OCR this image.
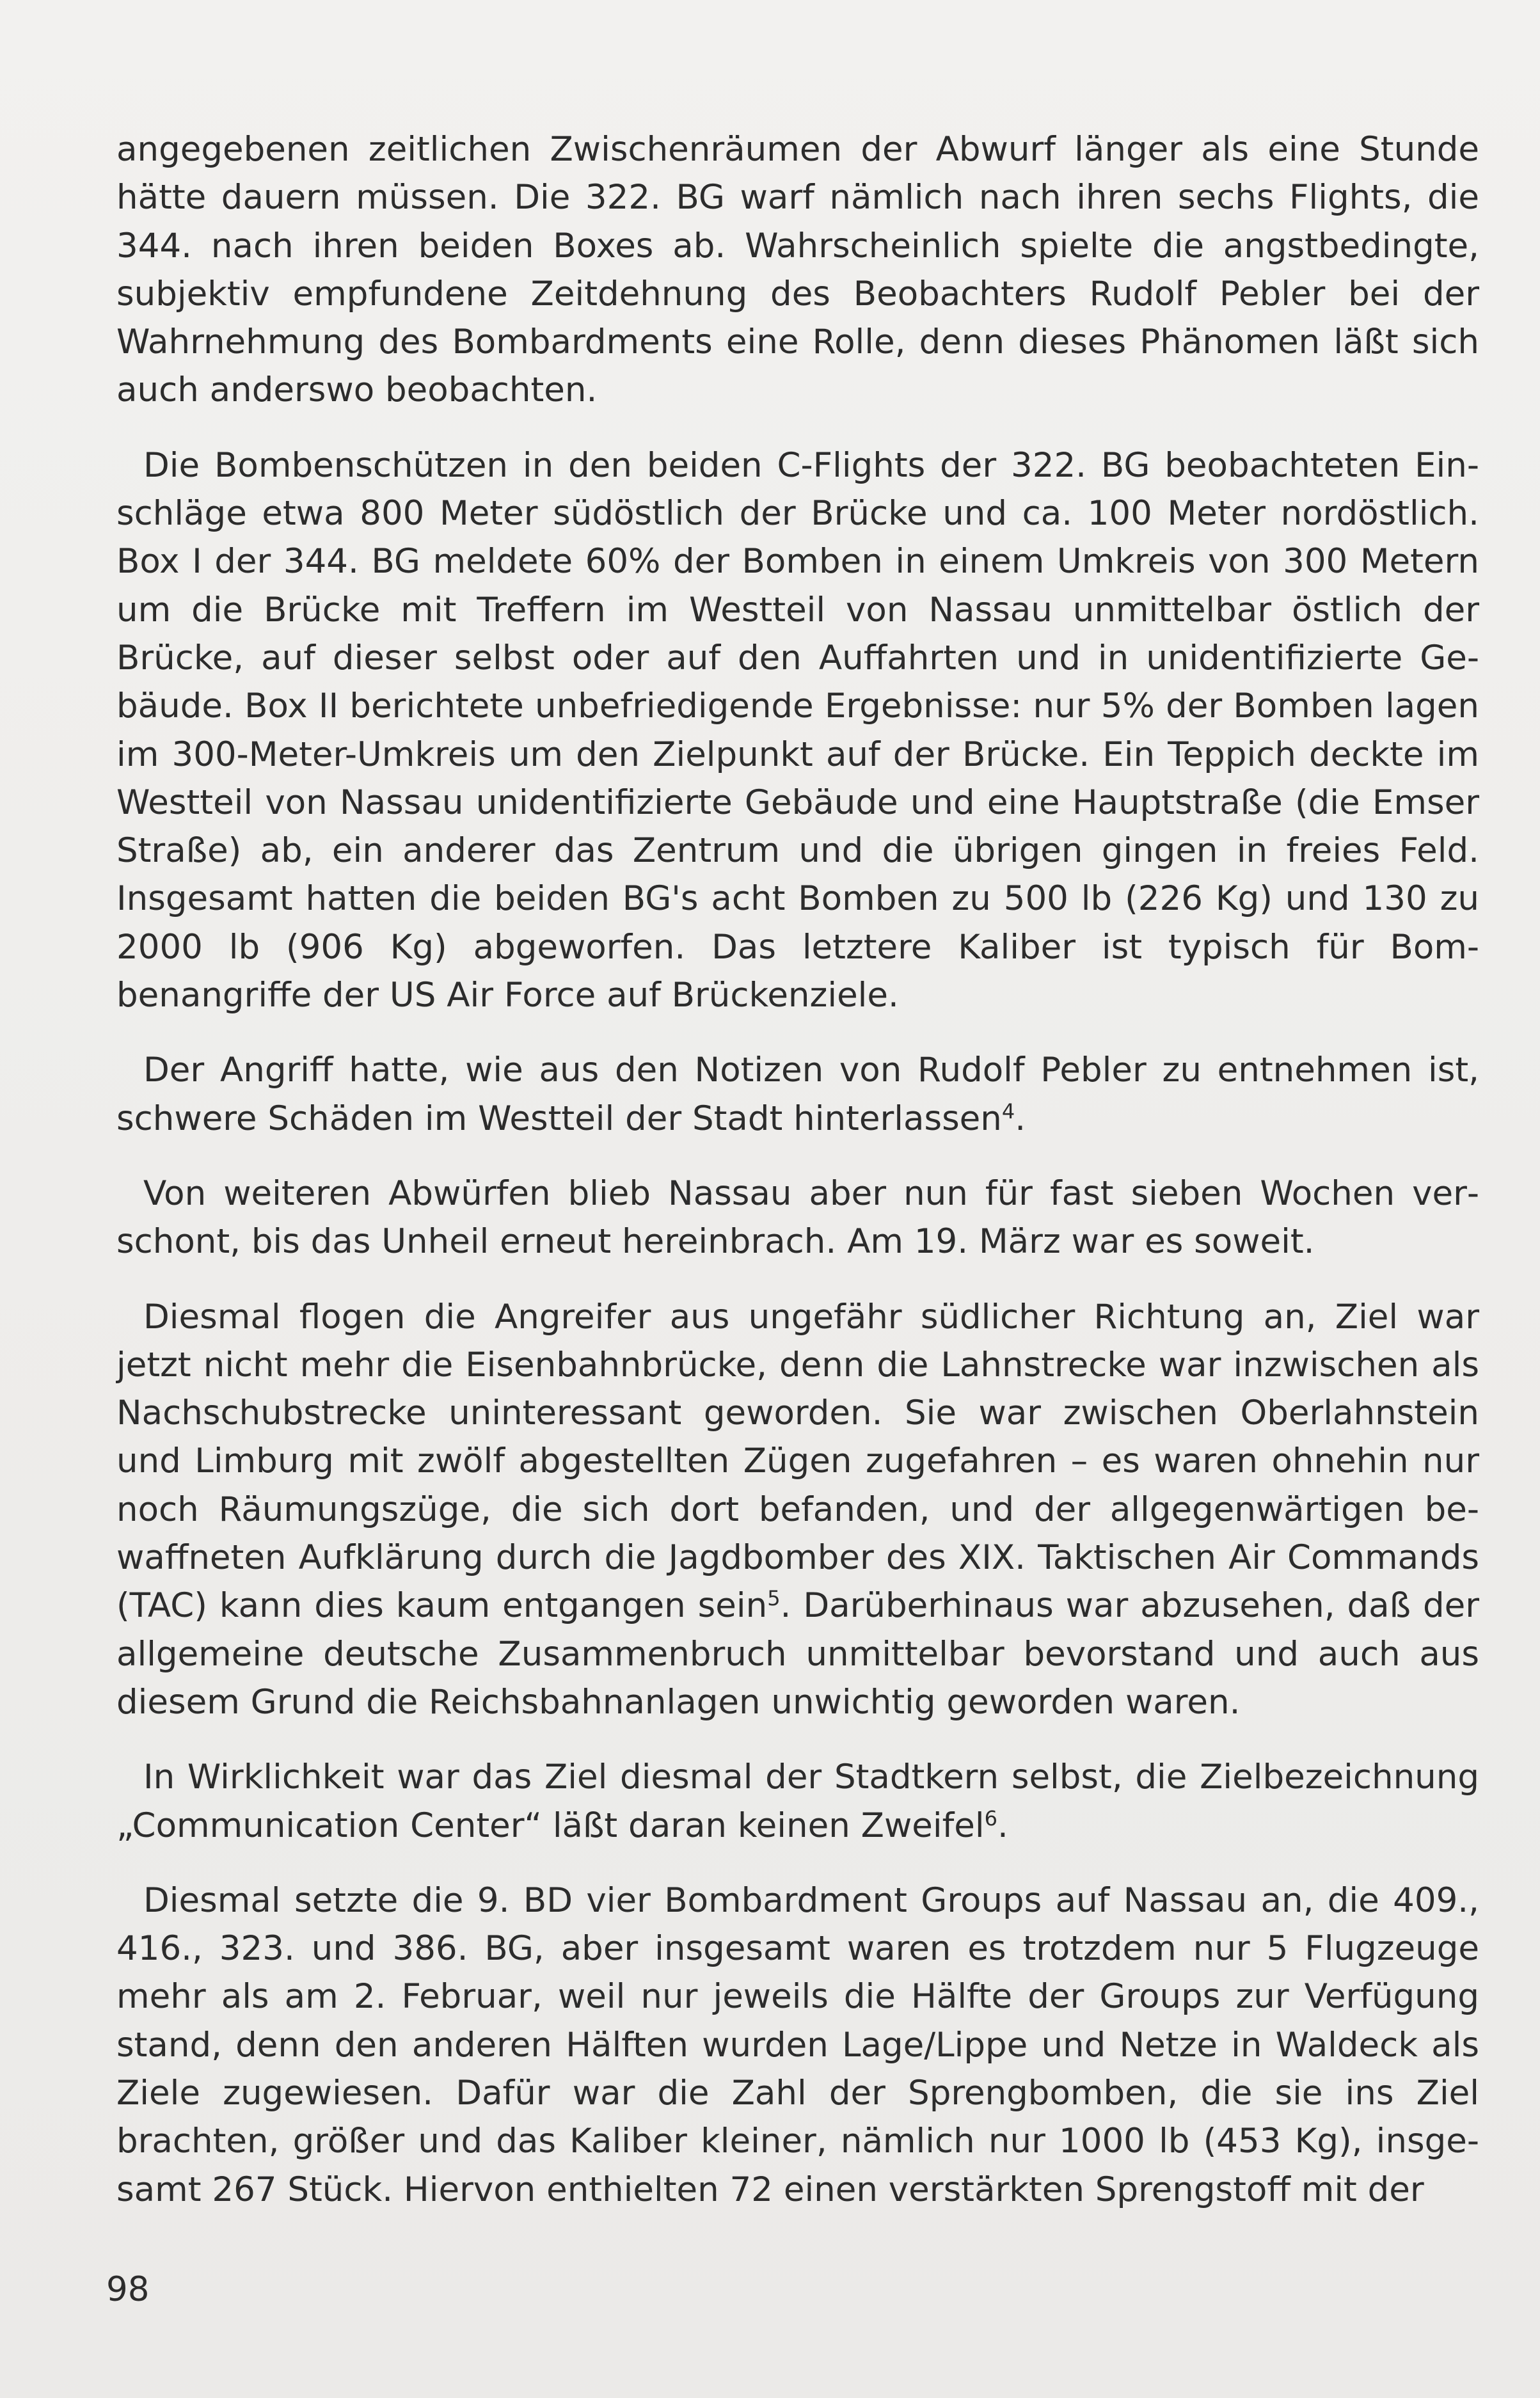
angegebenen zeitlichen Zwischenräumen der Abwurf länger als eine Stunde hätte dauern müssen. Die 322. BG warf nämlich nach ihren sechs Flights, die 344. nach ihren beiden Boxes ab. Wahrscheinlich spielte die angstbedingte, subjektiv empfundene Zeitdehnung des Beobachters Rudolf Pebler bei der Wahrnehmung des Bombardments eine Rolle, denn dieses Phänomen läßt sich auch anderswo beobachten.

Die Bombenschützen in den beiden C-Flights der 322. BG beobachteten Einschläge etwa 800 Meter südöstlich der Brücke und ca. 100 Meter nordöstlich. Box I der 344. BG meldete 60% der Bomben in einem Umkreis von 300 Metern um die Brücke mit Treffern im Westteil von Nassau unmittelbar östlich der Brücke, auf dieser selbst oder auf den Auffahrten und in unidentifizierte Gebäude. Box II berichtete unbefriedigende Ergebnisse: nur 5% der Bomben lagen im 300-Meter-Umkreis um den Zielpunkt auf der Brücke. Ein Teppich deckte im Westteil von Nassau unidentifizierte Gebäude und eine Hauptstraße (die Emser Straße) ab, ein anderer das Zentrum und die übrigen gingen in freies Feld. Insgesamt hatten die beiden BG's acht Bomben zu 500 lb (226 Kg) und 130 zu 2000 lb (906 Kg) abgeworfen. Das letztere Kaliber ist typisch für Bombenangriffe der US Air Force auf Brückenziele.

Der Angriff hatte, wie aus den Notizen von Rudolf Pebler zu entnehmen ist, schwere Schäden im Westteil der Stadt hinterlassen$^4$.

Von weiteren Abwürfen blieb Nassau aber nun für fast sieben Wochen verschont, bis das Unheil erneut hereinbrach. Am 19. März war es soweit.

Diesmal flogen die Angreifer aus ungefähr südlicher Richtung an, Ziel war jetzt nicht mehr die Eisenbahnbrücke, denn die Lahnstrecke war inzwischen als Nachschubstrecke uninteressant geworden. Sie war zwischen Oberlahnstein und Limburg mit zwölf abgestellten Zügen zugefahren – es waren ohnehin nur noch Räumungszüge, die sich dort befanden, und der allgegenwärtigen bewaffneten Aufklärung durch die Jagdbomber des XIX. Taktischen Air Commands (TAC) kann dies kaum entgangen sein$^5$. Darüberhinaus war abzusehen, daß der allgemeine deutsche Zusammenbruch unmittelbar bevorstand und auch aus diesem Grund die Reichsbahnanlagen unwichtig geworden waren.

In Wirklichkeit war das Ziel diesmal der Stadtkern selbst, die Zielbezeichnung „Communication Center“ läßt daran keinen Zweifel$^6$.

Diesmal setzte die 9. BD vier Bombardment Groups auf Nassau an, die 409., 416., 323. und 386. BG, aber insgesamt waren es trotzdem nur 5 Flugzeuge mehr als am 2. Februar, weil nur jeweils die Hälfte der Groups zur Verfügung stand, denn den anderen Hälften wurden Lage/Lippe und Netze in Waldeck als Ziele zugewiesen. Dafür war die Zahl der Sprengbomben, die sie ins Ziel brachten, größer und das Kaliber kleiner, nämlich nur 1000 lb (453 Kg), insgesamt 267 Stück. Hiervon enthielten 72 einen verstärkten Sprengstoff mit der

98
